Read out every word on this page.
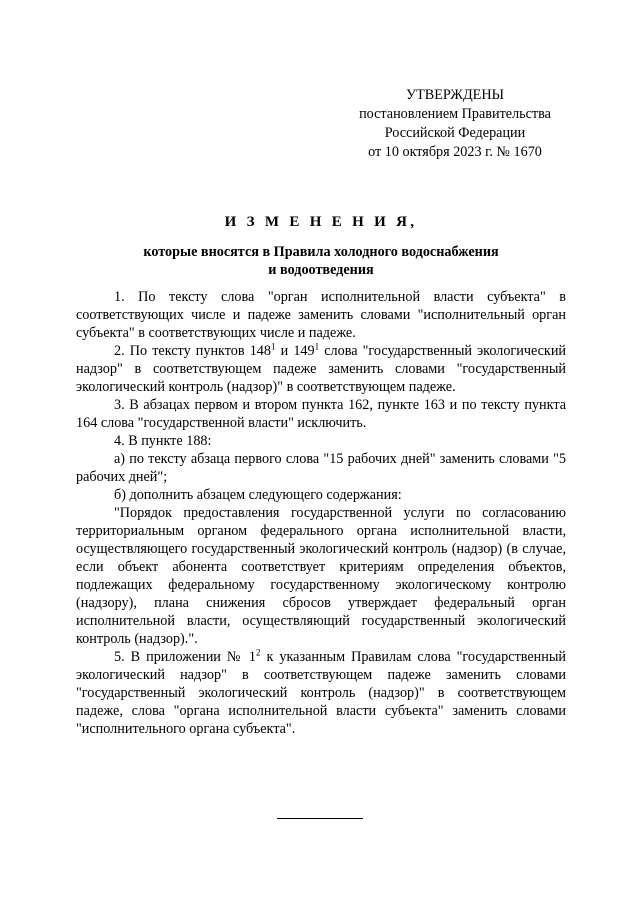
УТВЕРЖДЕНЫ
постановлением Правительства
Российской Федерации
от 10 октября 2023 г. № 1670
И З М Е Н Е Н И Я,
которые вносятся в Правила холодного водоснабжения
и водоотведения

1. По тексту слова "орган исполнительной власти субъекта" в соответствующих числе и падеже заменить словами "исполнительный орган субъекта" в соответствующих числе и падеже.

2. По тексту пунктов $148^1$ и $149^1$ слова "государственный экологический надзор" в соответствующем падеже заменить словами "государственный экологический контроль (надзор)" в соответствующем падеже.

3. В абзацах первом и втором пункта 162, пункте 163 и по тексту пункта 164 слова "государственной власти" исключить.

4. В пункте 188:

а) по тексту абзаца первого слова "15 рабочих дней" заменить словами "5 рабочих дней";

б) дополнить абзацем следующего содержания:

"Порядок предоставления государственной услуги по согласованию территориальным органом федерального органа исполнительной власти, осуществляющего государственный экологический контроль (надзор) (в случае, если объект абонента соответствует критериям определения объектов, подлежащих федеральному государственному экологическому контролю (надзору), плана снижения сбросов утверждает федеральный орган исполнительной власти, осуществляющий государственный экологический контроль (надзор).".

5. В приложении № $1^2$ к указанным Правилам слова "государственный экологический надзор" в соответствующем падеже заменить словами "государственный экологический контроль (надзор)" в соответствующем падеже, слова "органа исполнительной власти субъекта" заменить словами "исполнительного органа субъекта".
